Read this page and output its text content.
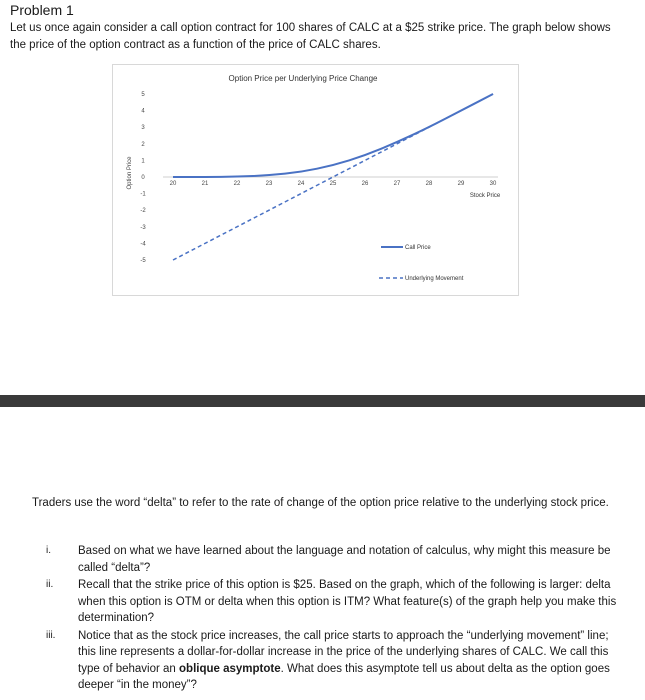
Problem 1

Let us once again consider a call option contract for 100 shares of CALC at a $25 strike price. The graph below shows the price of the option contract as a function of the price of CALC shares.

Option Price per Underlying Price Change
Option Price
Stock Price
20	21	22	23	24	25	26	27	28	29	30
5
4
3
2
1
0
-1
-2
-3
-4
-5
Call Price
Underlying Movement

Traders use the word “delta” to refer to the rate of change of the option price relative to the underlying stock price.

i. Based on what we have learned about the language and notation of calculus, why might this measure be called “delta”?
ii. Recall that the strike price of this option is $25. Based on the graph, which of the following is larger: delta when this option is OTM or delta when this option is ITM? What feature(s) of the graph help you make this determination?
iii. Notice that as the stock price increases, the call price starts to approach the “underlying movement” line; this line represents a dollar-for-dollar increase in the price of the underlying shares of CALC. We call this type of behavior an oblique asymptote. What does this asymptote tell us about delta as the option goes deeper “in the money”?
